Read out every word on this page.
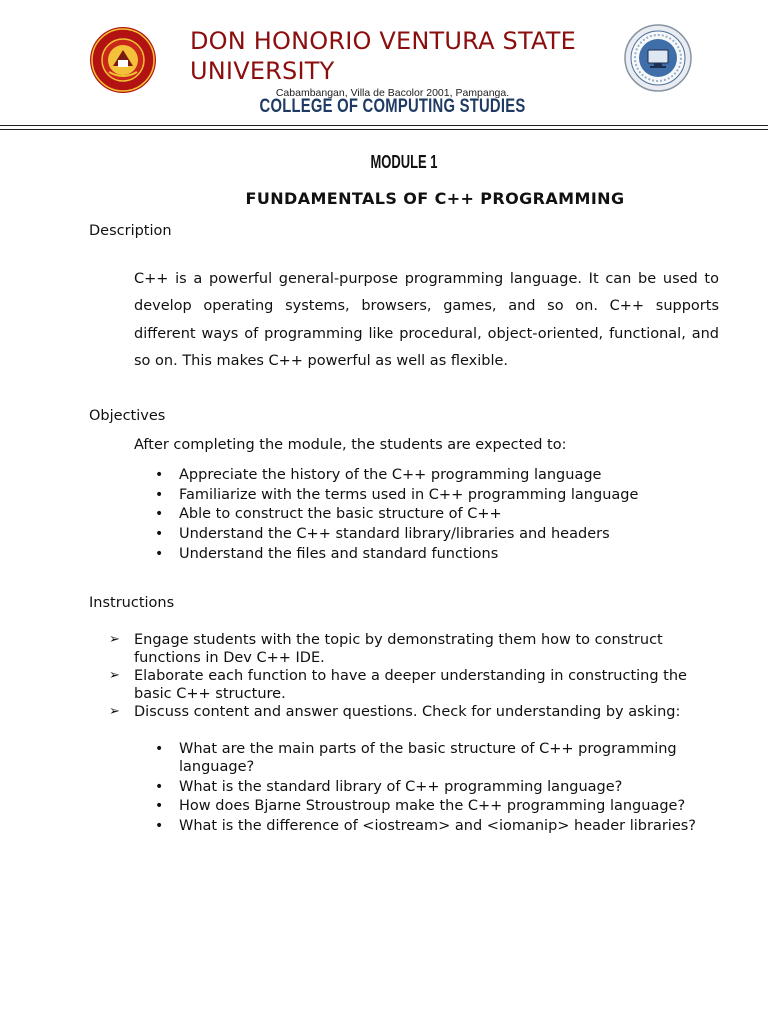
DON HONORIO VENTURA STATE UNIVERSITY
Cabambangan, Villa de Bacolor 2001, Pampanga.
COLLEGE OF COMPUTING STUDIES
MODULE 1
FUNDAMENTALS OF C++ PROGRAMMING
Description
C++ is a powerful general-purpose programming language. It can be used to develop operating systems, browsers, games, and so on. C++ supports different ways of programming like procedural, object-oriented, functional, and so on. This makes C++ powerful as well as flexible.
Objectives
After completing the module, the students are expected to:
• Appreciate the history of the C++ programming language
• Familiarize with the terms used in C++ programming language
• Able to construct the basic structure of C++
• Understand the C++ standard library/libraries and headers
• Understand the files and standard functions
Instructions
➢ Engage students with the topic by demonstrating them how to construct functions in Dev C++ IDE.
➢ Elaborate each function to have a deeper understanding in constructing the basic C++ structure.
➢ Discuss content and answer questions. Check for understanding by asking:
• What are the main parts of the basic structure of C++ programming language?
• What is the standard library of C++ programming language?
• How does Bjarne Stroustroup make the C++ programming language?
• What is the difference of <iostream> and <iomanip> header libraries?
